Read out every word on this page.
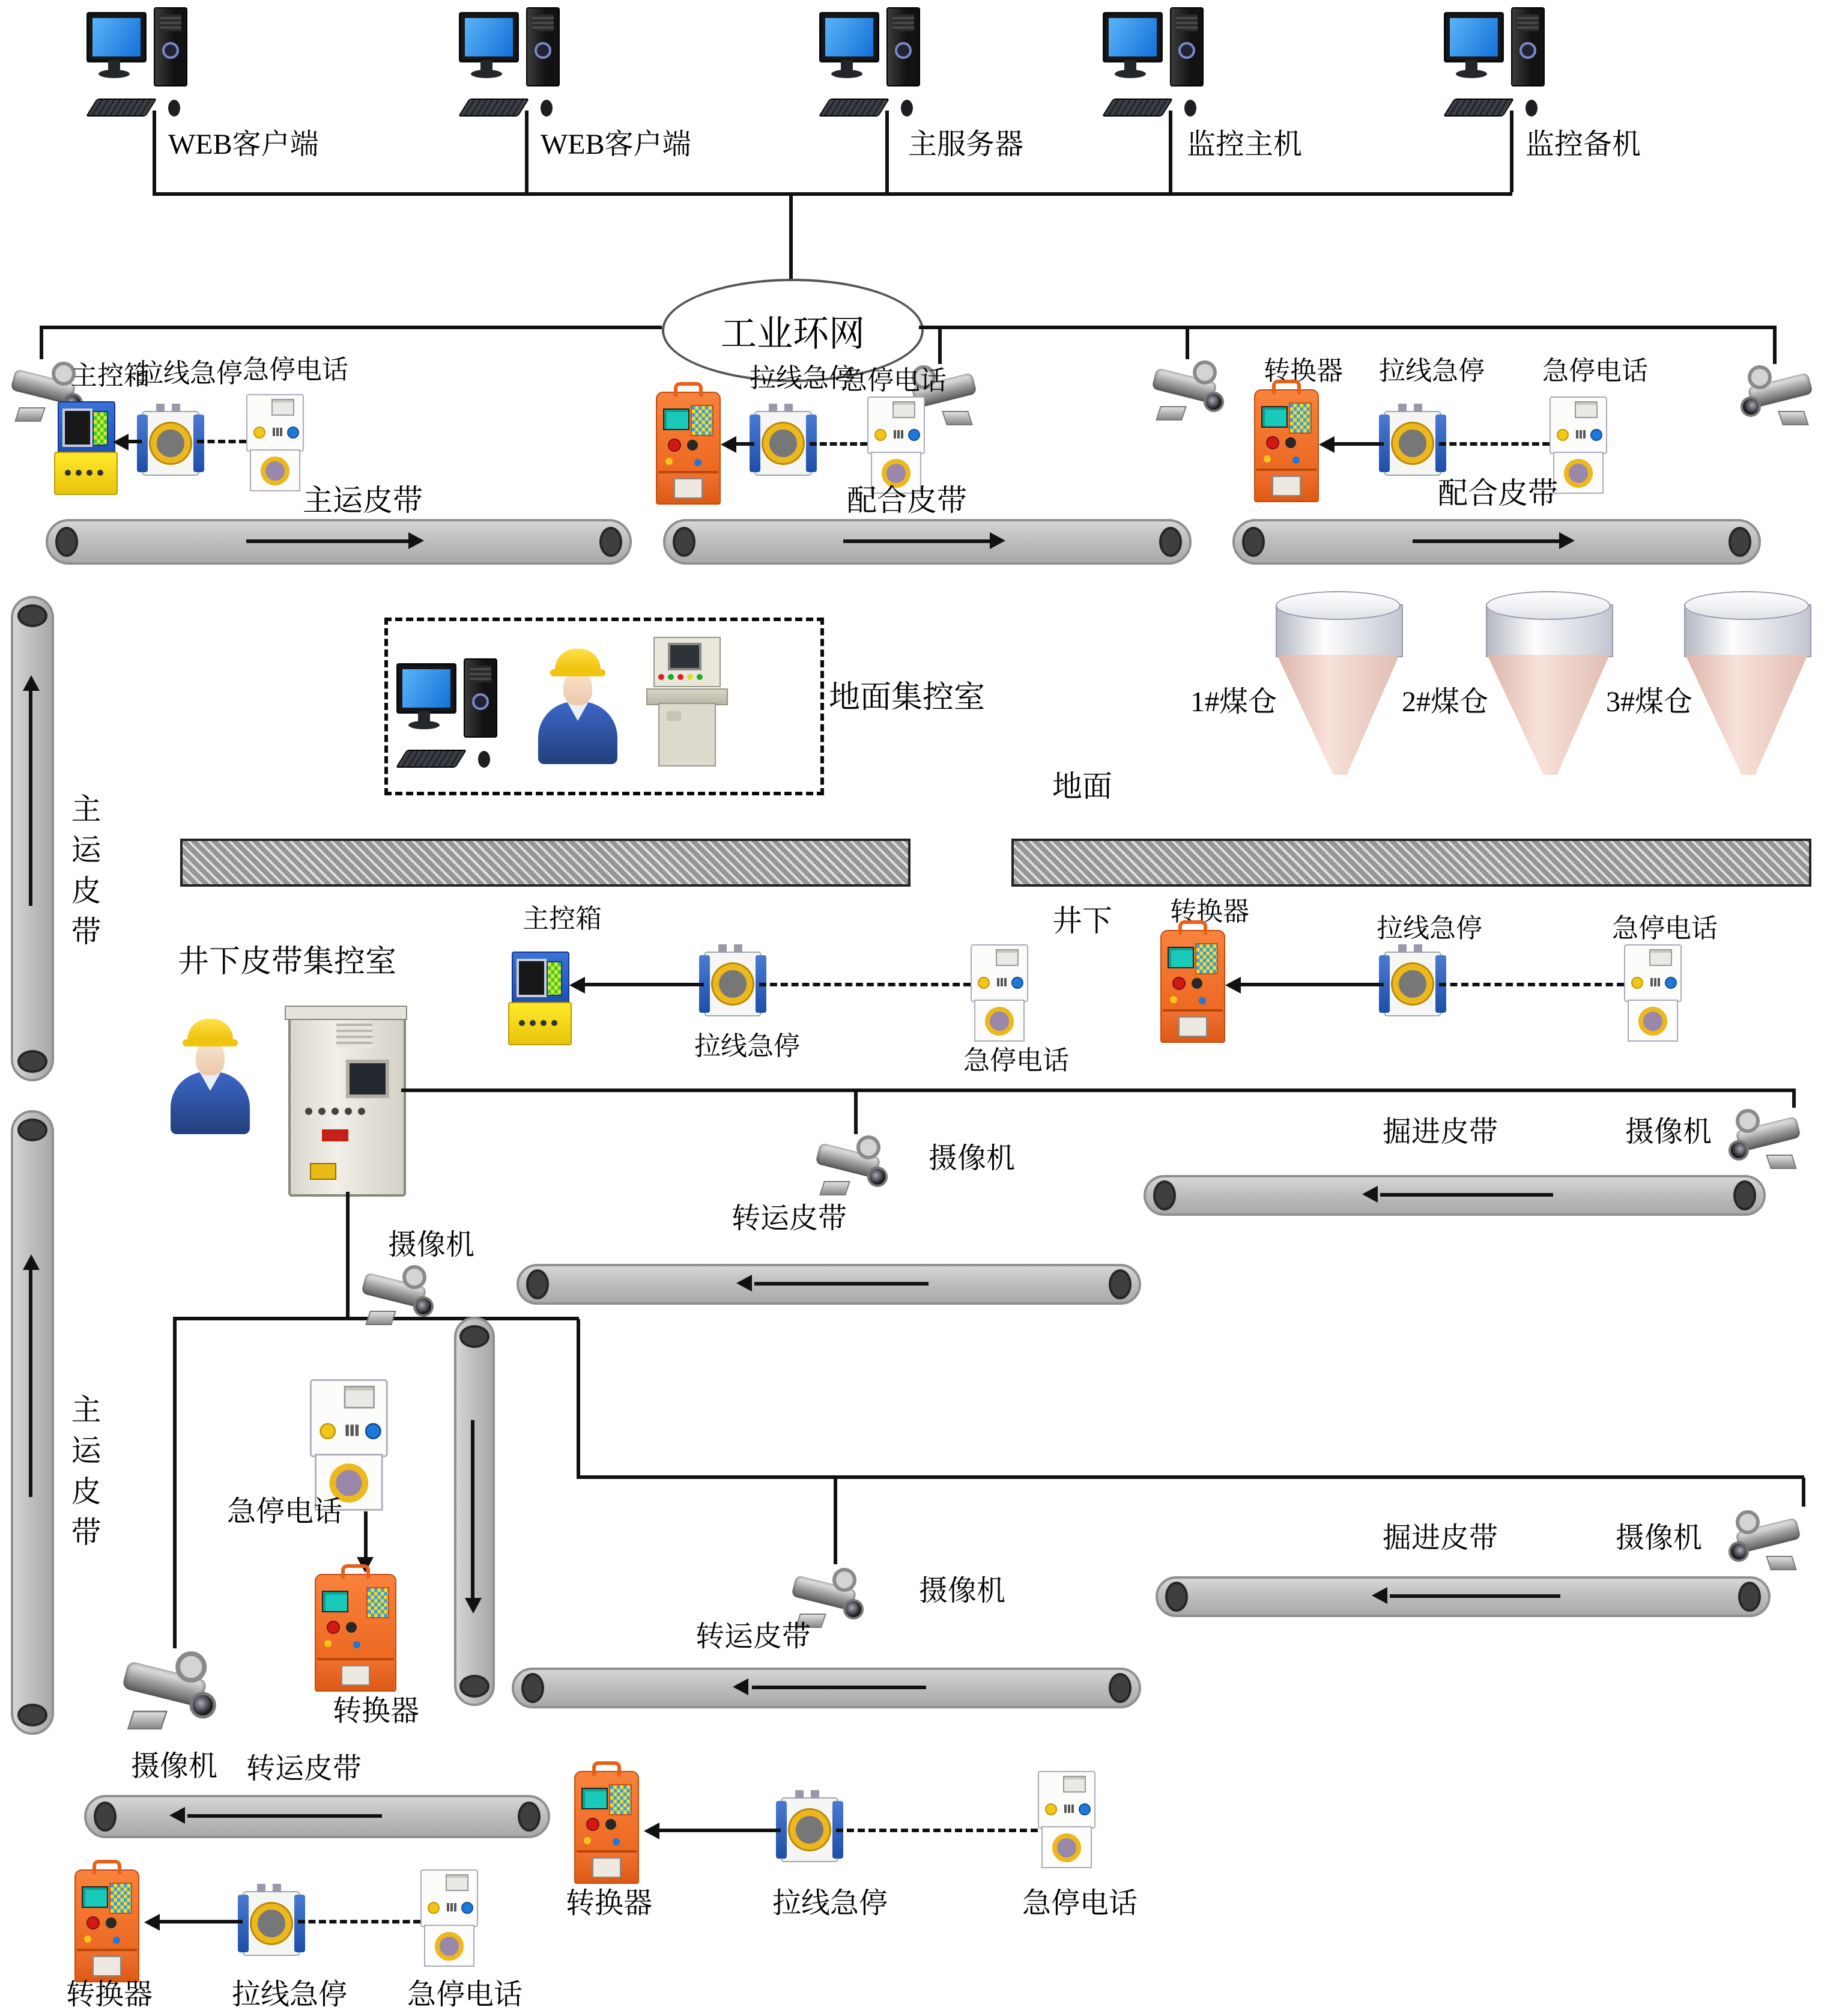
WEB客户端	WEB客户端	主服务器	监控主机	监控备机
工业环网
主控箱
拉线急停 急停电话	拉线急停
急停电话	转换器	拉线急停	急停电话
主运皮带	配合皮带	配合皮带
主运皮带
地面集控室	1#煤仓	2#煤仓	3#煤仓
地面
井下
主控箱
拉线急停	急停电话
转换器
拉线急停	急停电话
井下皮带集控室
摄像机
摄像机
掘进皮带
转运皮带
摄像机
主运皮带	急停电话
转换器
掘进皮带	摄像机
摄像机
转运皮带
摄像机	转运皮带
转换器	拉线急停	急停电话
转换器	拉线急停	急停电话
